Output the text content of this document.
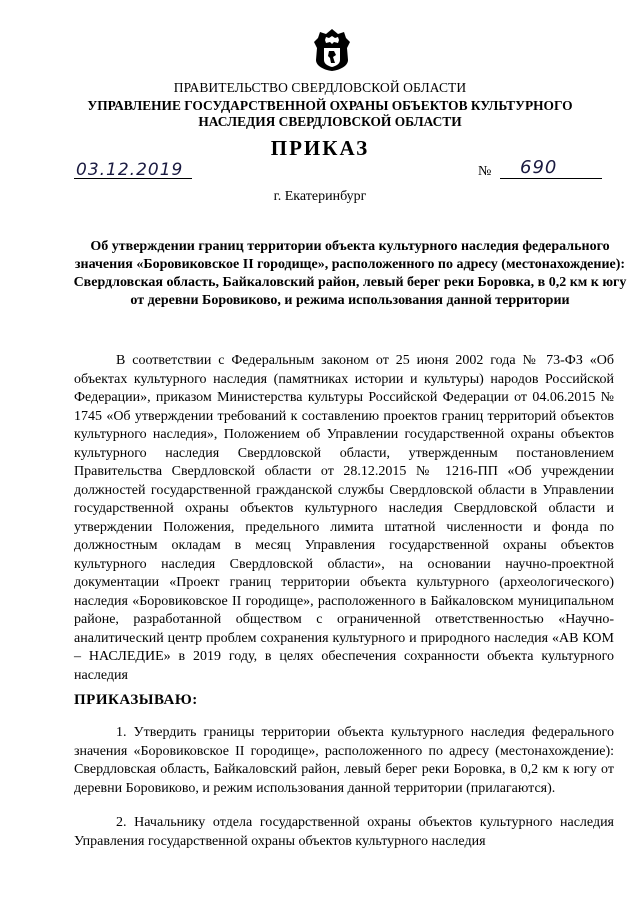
ПРАВИТЕЛЬСТВО СВЕРДЛОВСКОЙ ОБЛАСТИ
УПРАВЛЕНИЕ ГОСУДАРСТВЕННОЙ ОХРАНЫ ОБЪЕКТОВ КУЛЬТУРНОГО НАСЛЕДИЯ СВЕРДЛОВСКОЙ ОБЛАСТИ
ПРИКАЗ
03.12.2019	№ 690
г. Екатеринбург
Об утверждении границ территории объекта культурного наследия федерального значения «Боровиковское II городище», расположенного по адресу (местонахождение): Свердловская область, Байкаловский район, левый берег реки Боровка, в 0,2 км к югу от деревни Боровиково, и режима использования данной территории
В соответствии с Федеральным законом от 25 июня 2002 года № 73-ФЗ «Об объектах культурного наследия (памятниках истории и культуры) народов Российской Федерации», приказом Министерства культуры Российской Федерации от 04.06.2015 № 1745 «Об утверждении требований к составлению проектов границ территорий объектов культурного наследия», Положением об Управлении государственной охраны объектов культурного наследия Свердловской области, утвержденным постановлением Правительства Свердловской области от 28.12.2015 № 1216-ПП «Об учреждении должностей государственной гражданской службы Свердловской области в Управлении государственной охраны объектов культурного наследия Свердловской области и утверждении Положения, предельного лимита штатной численности и фонда по должностным окладам в месяц Управления государственной охраны объектов культурного наследия Свердловской области», на основании научно-проектной документации «Проект границ территории объекта культурного (археологического) наследия «Боровиковское II городище», расположенного в Байкаловском муниципальном районе, разработанной обществом с ограниченной ответственностью «Научно-аналитический центр проблем сохранения культурного и природного наследия «АВ КОМ – НАСЛЕДИЕ» в 2019 году, в целях обеспечения сохранности объекта культурного наследия
ПРИКАЗЫВАЮ:
1. Утвердить границы территории объекта культурного наследия федерального значения «Боровиковское II городище», расположенного по адресу (местонахождение): Свердловская область, Байкаловский район, левый берег реки Боровка, в 0,2 км к югу от деревни Боровиково, и режим использования данной территории (прилагаются).
2. Начальнику отдела государственной охраны объектов культурного наследия Управления государственной охраны объектов культурного наследия
